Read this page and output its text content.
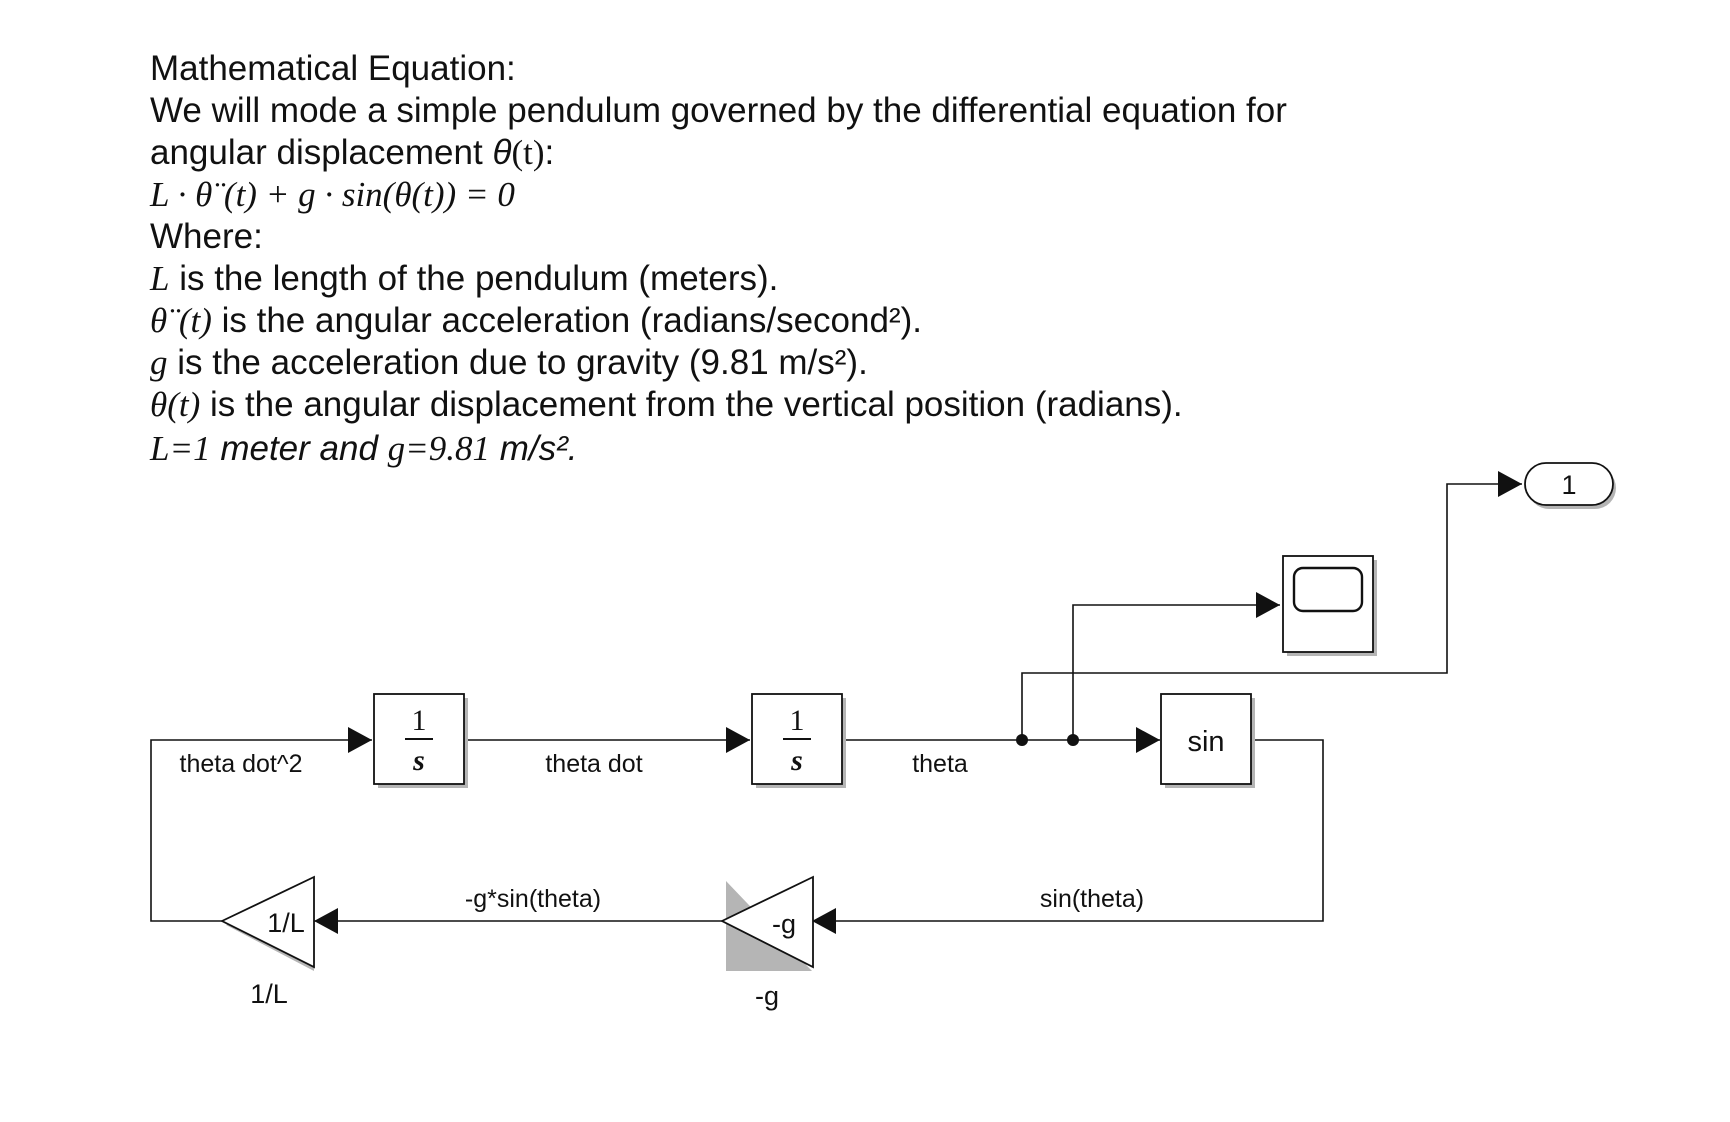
Mathematical Equation:
We will mode a simple pendulum governed by the differential equation for
angular displacement θ(t):
L · θ¨(t) + g · sin(θ(t)) = 0
Where:
L is the length of the pendulum (meters).
θ¨(t) is the angular acceleration (radians/second²).
g is the acceleration due to gravity (9.81 m/s²).
θ(t) is the angular displacement from the vertical position (radians).
L=1 meter and g=9.81 m/s².
1
s
1
s
sin
1
-g
-g
1/L
1/L
theta dot^2	theta dot	theta
sin(theta)
-g*sin(theta)
